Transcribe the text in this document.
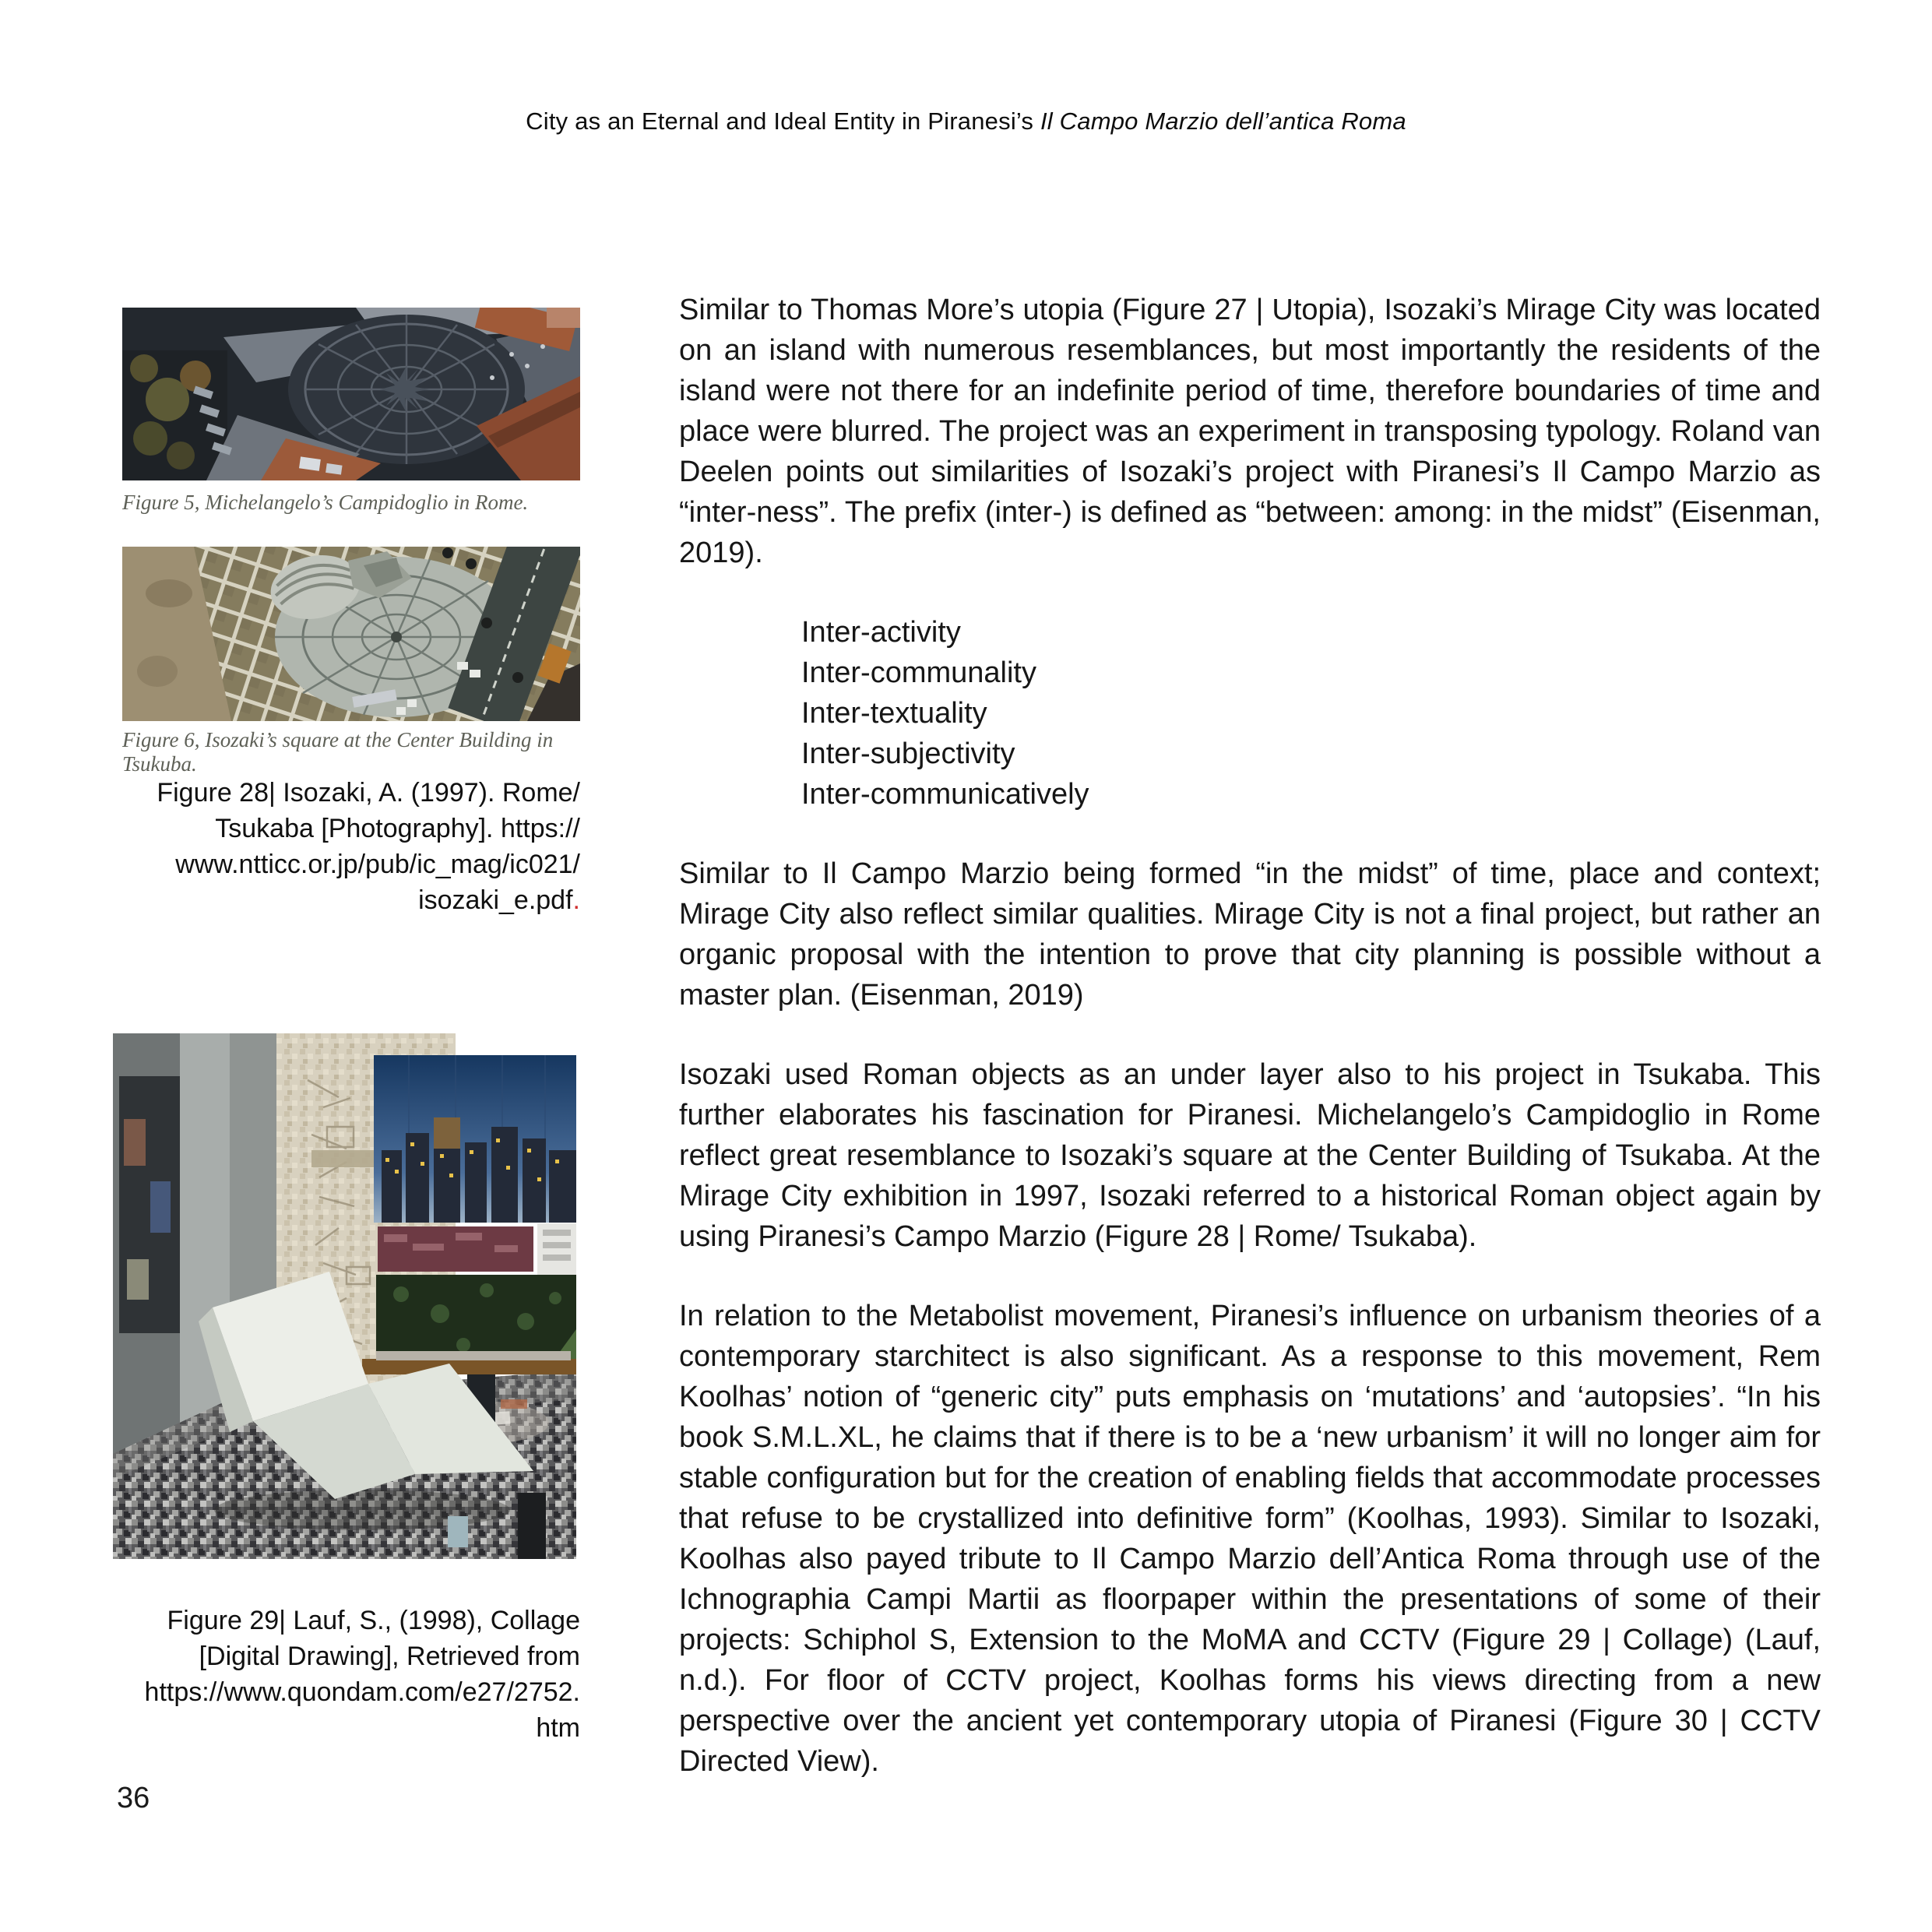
City as an Eternal and Ideal Entity in Piranesi’s Il Campo Marzio dell’antica Roma
Figure 5, Michelangelo’s Campidoglio in Rome.
Figure 6, Isozaki’s square at the Center Building in Tsukuba.
Figure 28| Isozaki, A. (1997). Rome/
Tsukaba [Photography]. https://
www.ntticc.or.jp/pub/ic_mag/ic021/
isozaki_e.pdf.
Figure 29| Lauf, S., (1998), Collage
[Digital Drawing], Retrieved from
https://www.quondam.com/e27/2752.
htm

Similar to Thomas More’s utopia (Figure 27 | Utopia), Isozaki’s Mirage City was located on an island with numerous resemblances, but most importantly the residents of the island were not there for an indefinite period of time, therefore boundaries of time and place were blurred. The project was an experiment in transposing typology. Roland van Deelen points out similarities of Isozaki’s project with Piranesi’s Il Campo Marzio as “inter-ness”. The prefix (inter-) is defined as “between: among: in the midst” (Eisenman, 2019).

Inter-activity
Inter-communality
Inter-textuality
Inter-subjectivity
Inter-communicatively

Similar to Il Campo Marzio being formed “in the midst” of time, place and context; Mirage City also reflect similar qualities. Mirage City is not a final project, but rather an organic proposal with the intention to prove that city planning is possible without a master plan. (Eisenman, 2019)

Isozaki used Roman objects as an under layer also to his project in Tsukaba. This further elaborates his fascination for Piranesi. Michelangelo’s Campidoglio in Rome reflect great resemblance to Isozaki’s square at the Center Building of Tsukaba. At the Mirage City exhibition in 1997, Isozaki referred to a historical Roman object again by using Piranesi’s Campo Marzio (Figure 28 | Rome/ Tsukaba).

In relation to the Metabolist movement, Piranesi’s influence on urbanism theories of a contemporary starchitect is also significant. As a response to this movement, Rem Koolhas’ notion of “generic city” puts emphasis on ‘mutations’ and ‘autopsies’. “In his book S.M.L.XL, he claims that if there is to be a ‘new urbanism’ it will no longer aim for stable configuration but for the creation of enabling fields that accommodate processes that refuse to be crystallized into definitive form” (Koolhas, 1993). Similar to Isozaki, Koolhas also payed tribute to Il Campo Marzio dell’Antica Roma through use of the Ichnographia Campi Martii as floorpaper within the presentations of some of their projects: Schiphol S, Extension to the MoMA and CCTV (Figure 29 | Collage) (Lauf, n.d.). For floor of CCTV project, Koolhas forms his views directing from a new perspective over the ancient yet contemporary utopia of Piranesi (Figure 30 | CCTV Directed View).

36
